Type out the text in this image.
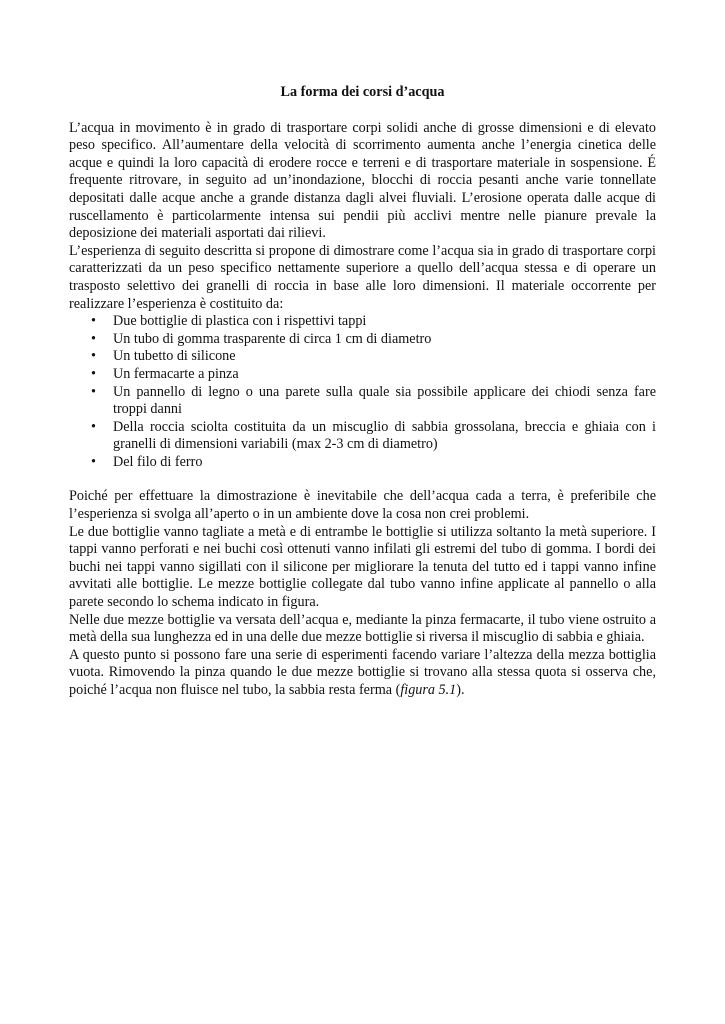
La forma dei corsi d’acqua

L’acqua in movimento è in grado di trasportare corpi solidi anche di grosse dimensioni e di elevato peso specifico. All’aumentare della velocità di scorrimento aumenta anche l’energia cinetica delle acque e quindi la loro capacità di erodere rocce e terreni e di trasportare materiale in sospensione. É frequente ritrovare, in seguito ad un’inondazione, blocchi di roccia pesanti anche varie tonnellate depositati dalle acque anche a grande distanza dagli alvei fluviali. L’erosione operata dalle acque di ruscellamento è particolarmente intensa sui pendii più acclivi mentre nelle pianure prevale la deposizione dei materiali asportati dai rilievi.

L’esperienza di seguito descritta si propone di dimostrare come l’acqua sia in grado di trasportare corpi caratterizzati da un peso specifico nettamente superiore a quello dell’acqua stessa e di operare un trasposto selettivo dei granelli di roccia in base alle loro dimensioni. Il materiale occorrente per realizzare l’esperienza è costituito da:

• Due bottiglie di plastica con i rispettivi tappi
• Un tubo di gomma trasparente di circa 1 cm di diametro
• Un tubetto di silicone
• Un fermacarte a pinza
• Un pannello di legno o una parete sulla quale sia possibile applicare dei chiodi senza fare troppi danni
• Della roccia sciolta costituita da un miscuglio di sabbia grossolana, breccia e ghiaia con i granelli di dimensioni variabili (max 2-3 cm di diametro)
• Del filo di ferro

Poiché per effettuare la dimostrazione è inevitabile che dell’acqua cada a terra, è preferibile che l’esperienza si svolga all’aperto o in un ambiente dove la cosa non crei problemi.

Le due bottiglie vanno tagliate a metà e di entrambe le bottiglie si utilizza soltanto la metà superiore. I tappi vanno perforati e nei buchi così ottenuti vanno infilati gli estremi del tubo di gomma. I bordi dei buchi nei tappi vanno sigillati con il silicone per migliorare la tenuta del tutto ed i tappi vanno infine avvitati alle bottiglie. Le mezze bottiglie collegate dal tubo vanno infine applicate al pannello o alla parete secondo lo schema indicato in figura.

Nelle due mezze bottiglie va versata dell’acqua e, mediante la pinza fermacarte, il tubo viene ostruito a metà della sua lunghezza ed in una delle due mezze bottiglie si riversa il miscuglio di sabbia e ghiaia.

A questo punto si possono fare una serie di esperimenti facendo variare l’altezza della mezza bottiglia vuota. Rimovendo la pinza quando le due mezze bottiglie si trovano alla stessa quota si osserva che, poiché l’acqua non fluisce nel tubo, la sabbia resta ferma (figura 5.1).
